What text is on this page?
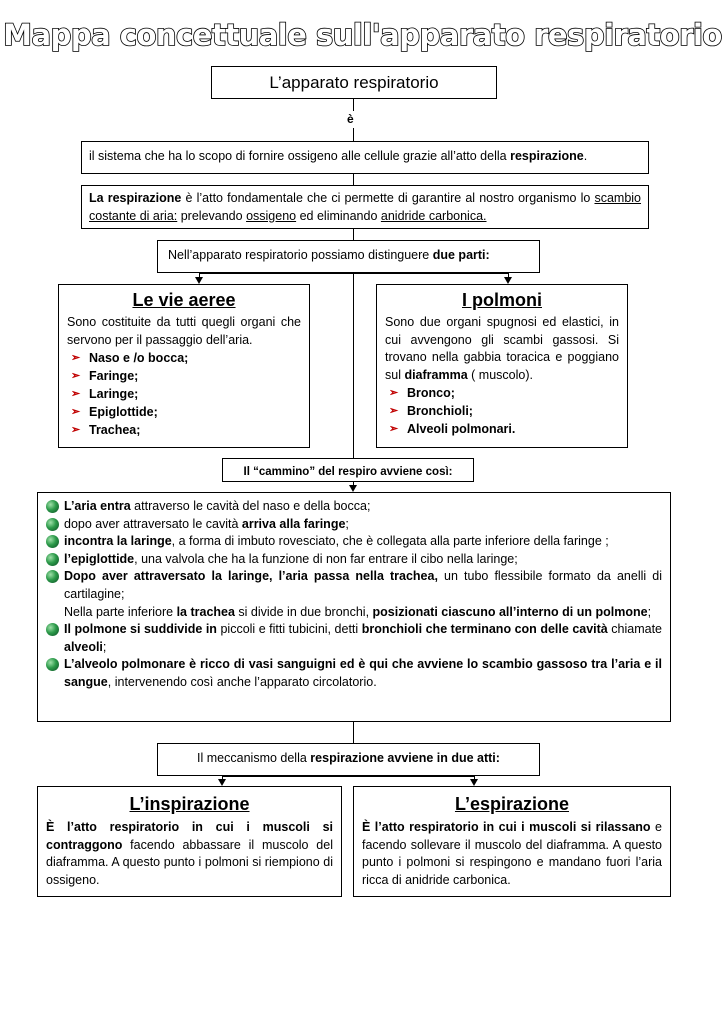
Mappa concettuale sull'apparato respiratorio
L’apparato respiratorio
è
il sistema che ha lo scopo di fornire ossigeno alle cellule grazie all’atto della respirazione.
La respirazione è l’atto fondamentale che ci permette di garantire al nostro organismo lo scambio costante di aria: prelevando ossigeno ed eliminando anidride carbonica.
Nell’apparato respiratorio possiamo distinguere due parti:
Le vie aeree
Sono costituite da tutti quegli organi che servono per il passaggio dell’aria.
➢ Naso e /o bocca;
➢ Faringe;
➢ Laringe;
➢ Epiglottide;
➢ Trachea;
I polmoni
Sono due organi spugnosi ed elastici, in cui avvengono gli scambi gassosi. Si trovano nella gabbia toracica e poggiano sul diaframma ( muscolo).
➢ Bronco;
➢ Bronchioli;
➢ Alveoli polmonari.
Il “cammino” del respiro avviene così:
L’aria entra attraverso le cavità del naso e della bocca;
dopo aver attraversato le cavità arriva alla faringe;
incontra la laringe, a forma di imbuto rovesciato, che è collegata alla parte inferiore della faringe ;
l’epiglottide, una valvola che ha la funzione di non far entrare il cibo nella laringe;
Dopo aver attraversato la laringe, l’aria passa nella trachea, un tubo flessibile formato da anelli di cartilagine;
Nella parte inferiore la trachea si divide in due bronchi, posizionati ciascuno all’interno di un polmone;
Il polmone si suddivide in piccoli e fitti tubicini, detti bronchioli che terminano con delle cavità chiamate alveoli;
L’alveolo polmonare è ricco di vasi sanguigni ed è qui che avviene lo scambio gassoso tra l’aria e il sangue, intervenendo così anche l’apparato circolatorio.
Il meccanismo della respirazione avviene in due atti:
L’inspirazione
È l’atto respiratorio in cui i muscoli si contraggono facendo abbassare il muscolo del diaframma. A questo punto i polmoni si riempiono di ossigeno.
L’espirazione
È l’atto respiratorio in cui i muscoli si rilassano e facendo sollevare il muscolo del diaframma. A questo punto i polmoni si respingono e mandano fuori l’aria ricca di anidride carbonica.
